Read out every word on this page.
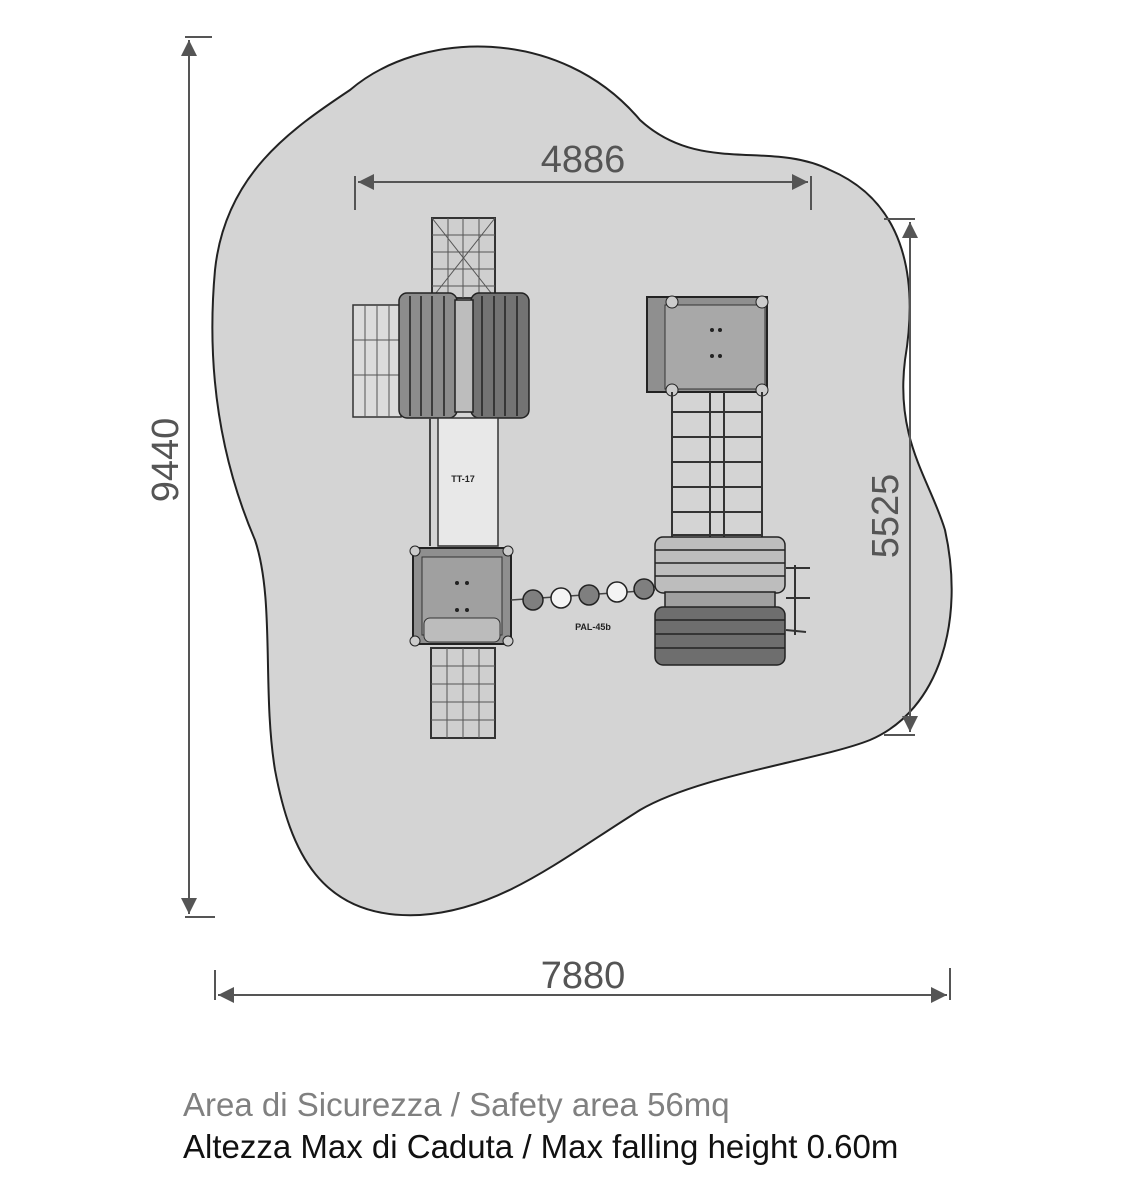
9440
7880
4886
5525
TT-17
PAL-45b
Area di Sicurezza / Safety area 56mq
Altezza Max di Caduta / Max falling height 0.60m
